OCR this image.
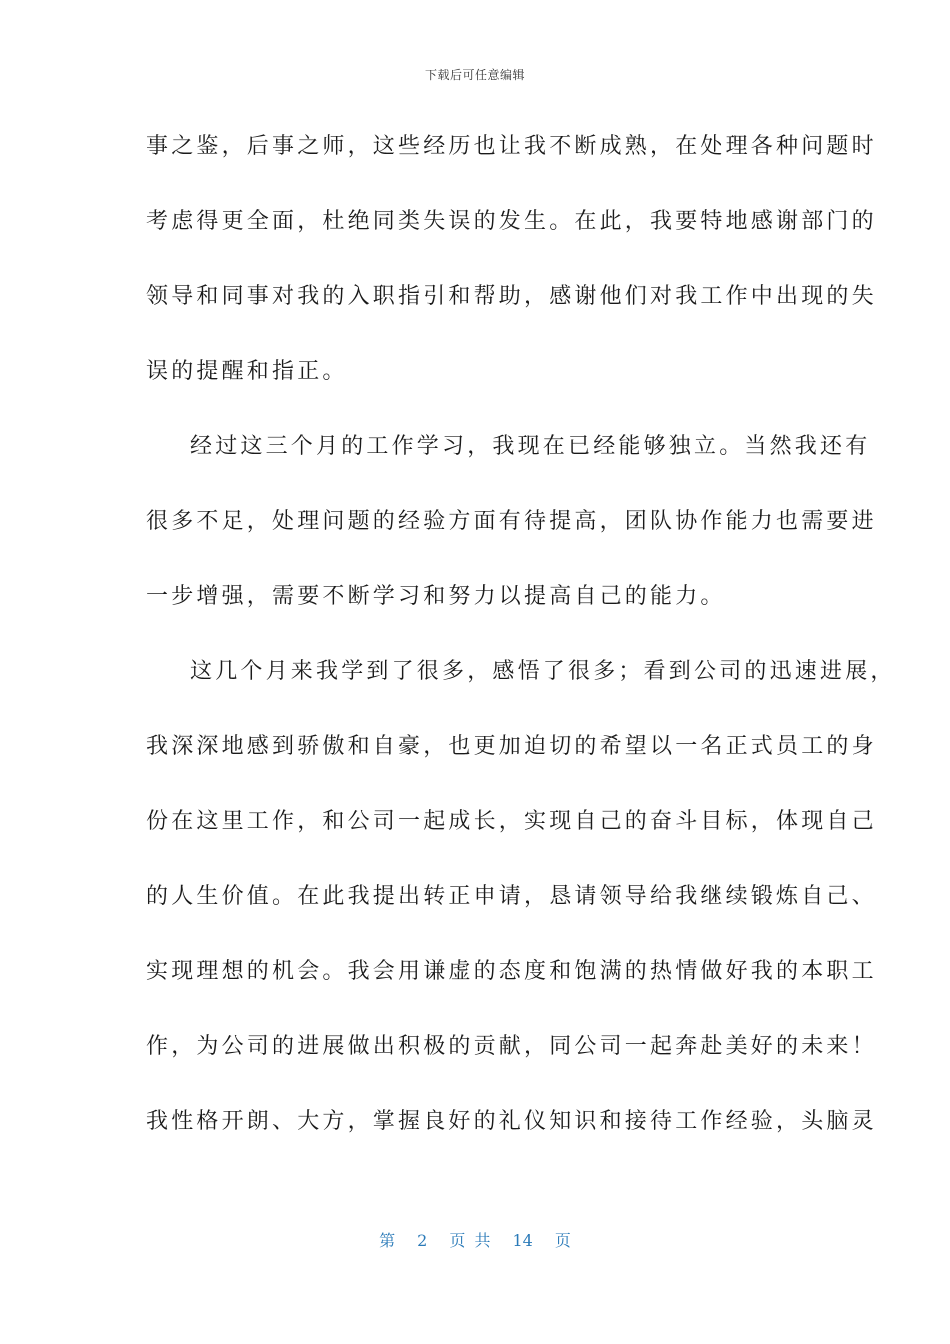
下载后可任意编辑
事之鉴，后事之师，这些经历也让我不断成熟，在处理各种问题时
考虑得更全面，杜绝同类失误的发生。在此，我要特地感谢部门的
领导和同事对我的入职指引和帮助，感谢他们对我工作中出现的失
误的提醒和指正。
经过这三个月的工作学习，我现在已经能够独立。当然我还有
很多不足，处理问题的经验方面有待提高，团队协作能力也需要进
一步增强，需要不断学习和努力以提高自己的能力。
这几个月来我学到了很多，感悟了很多；看到公司的迅速进展，
我深深地感到骄傲和自豪，也更加迫切的希望以一名正式员工的身
份在这里工作，和公司一起成长，实现自己的奋斗目标，体现自己
的人生价值。在此我提出转正申请，恳请领导给我继续锻炼自己、
实现理想的机会。我会用谦虚的态度和饱满的热情做好我的本职工
作，为公司的进展做出积极的贡献，同公司一起奔赴美好的未来！
我性格开朗、大方，掌握良好的礼仪知识和接待工作经验，头脑灵
第 2 页 共 14 页
